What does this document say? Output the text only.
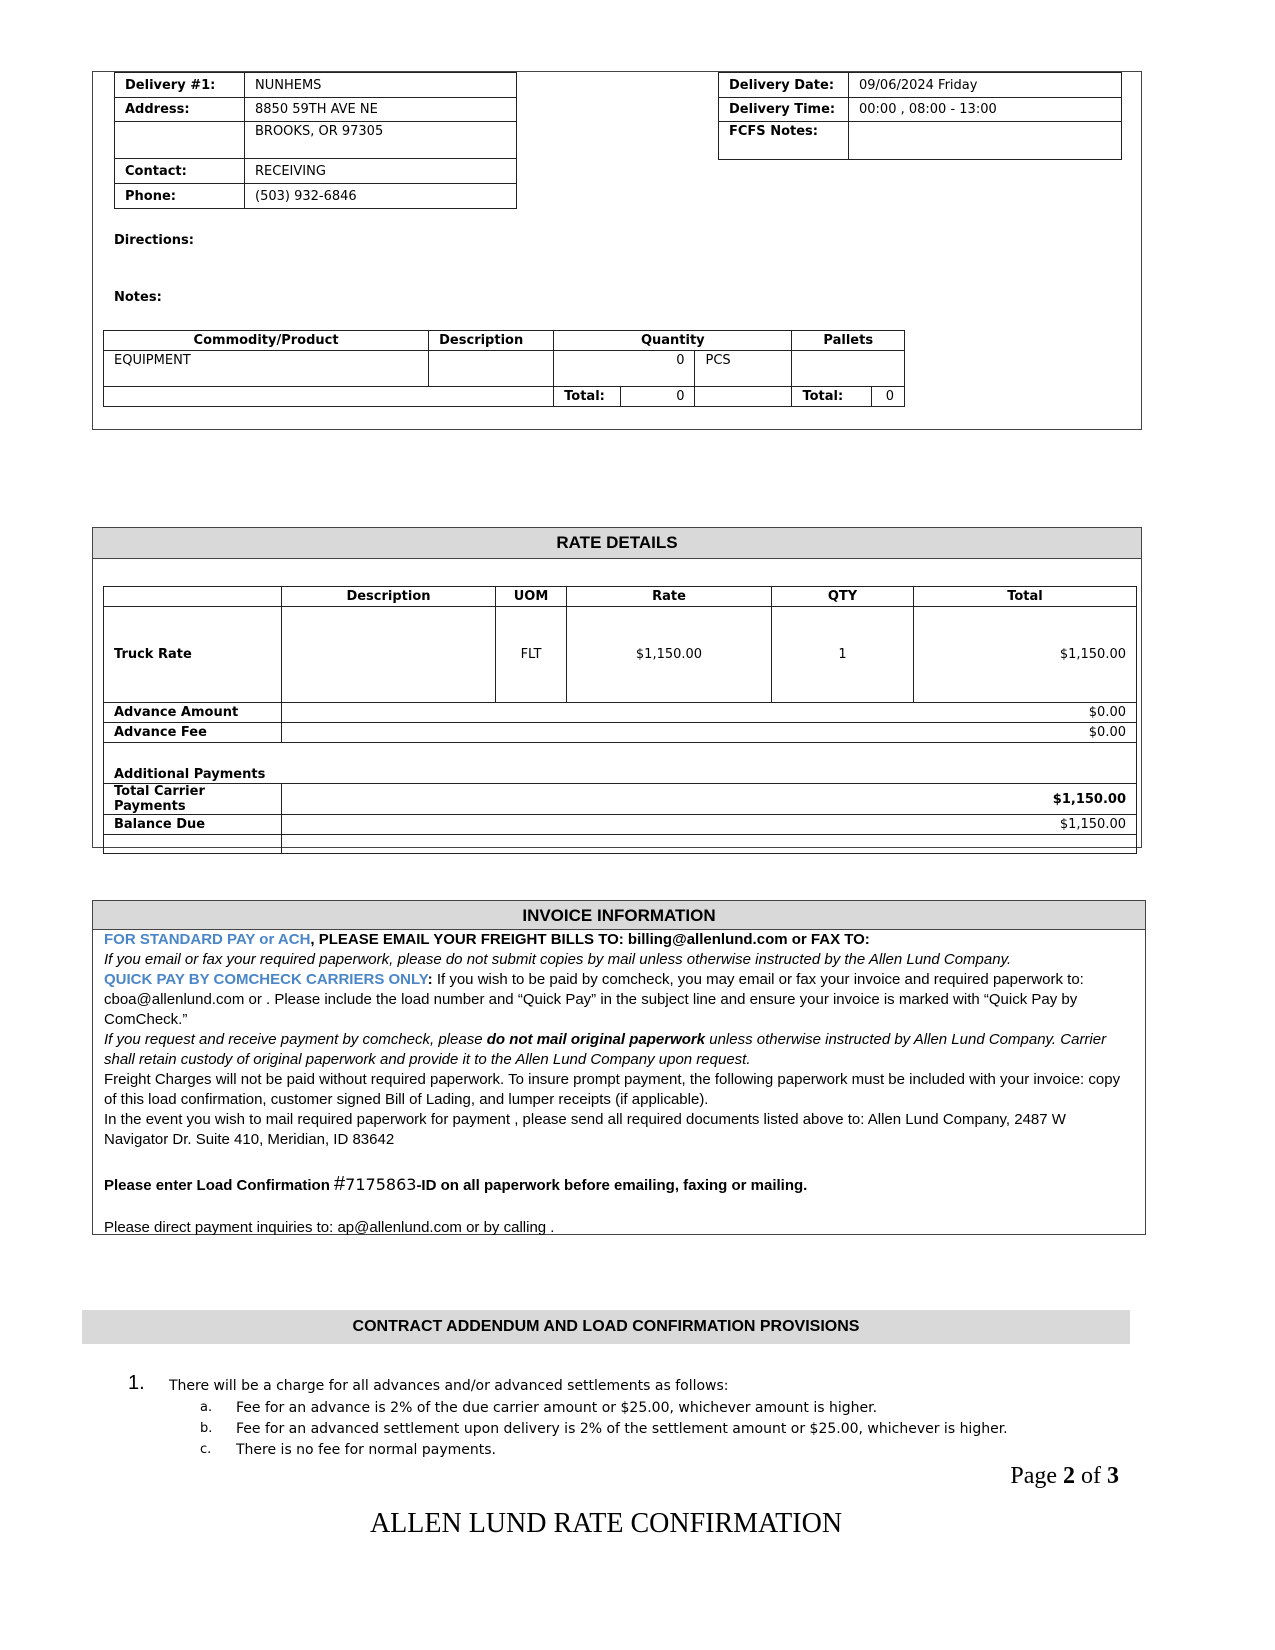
Delivery #1:	NUNHEMS
Address:	8850 59TH AVE NE
	BROOKS, OR 97305
Contact:	RECEIVING
Phone:	(503) 932-6846
Delivery Date:	09/06/2024 Friday
Delivery Time:	00:00 , 08:00 - 13:00
FCFS Notes:	
Directions:
Notes:
Commodity/Product	Description	Quantity			Pallets	
EQUIPMENT		0		PCS		
		Total:	0		Total:	0
RATE DETAILS
	Description	UOM	Rate	QTY	Total
Truck Rate		FLT	$1,150.00	1	$1,150.00
Advance Amount	$0.00				
Advance Fee	$0.00				
Additional Payments					
Total Carrier Payments	$1,150.00				
Balance Due	$1,150.00				

INVOICE INFORMATION

FOR STANDARD PAY or ACH, PLEASE EMAIL YOUR FREIGHT BILLS TO: billing@allenlund.com or FAX TO:

If you email or fax your required paperwork, please do not submit copies by mail unless otherwise instructed by the Allen Lund Company.

QUICK PAY BY COMCHECK CARRIERS ONLY: If you wish to be paid by comcheck, you may email or fax your invoice and required paperwork to: cboa@allenlund.com or . Please include the load number and “Quick Pay” in the subject line and ensure your invoice is marked with “Quick Pay by ComCheck.”

If you request and receive payment by comcheck, please do not mail original paperwork unless otherwise instructed by Allen Lund Company. Carrier shall retain custody of original paperwork and provide it to the Allen Lund Company upon request.

Freight Charges will not be paid without required paperwork. To insure prompt payment, the following paperwork must be included with your invoice: copy of this load confirmation, customer signed Bill of Lading, and lumper receipts (if applicable).

In the event you wish to mail required paperwork for payment , please send all required documents listed above to: Allen Lund Company, 2487 W Navigator Dr. Suite 410, Meridian, ID 83642

Please enter Load Confirmation #7175863-ID on all paperwork before emailing, faxing or mailing.

Please direct payment inquiries to: ap@allenlund.com or by calling .

CONTRACT ADDENDUM AND LOAD CONFIRMATION PROVISIONS
1. There will be a charge for all advances and/or advanced settlements as follows:
a. Fee for an advance is 2% of the due carrier amount or $25.00, whichever amount is higher.
b. Fee for an advanced settlement upon delivery is 2% of the settlement amount or $25.00, whichever is higher.
c. There is no fee for normal payments.
Page 2 of 3
ALLEN LUND RATE CONFIRMATION
